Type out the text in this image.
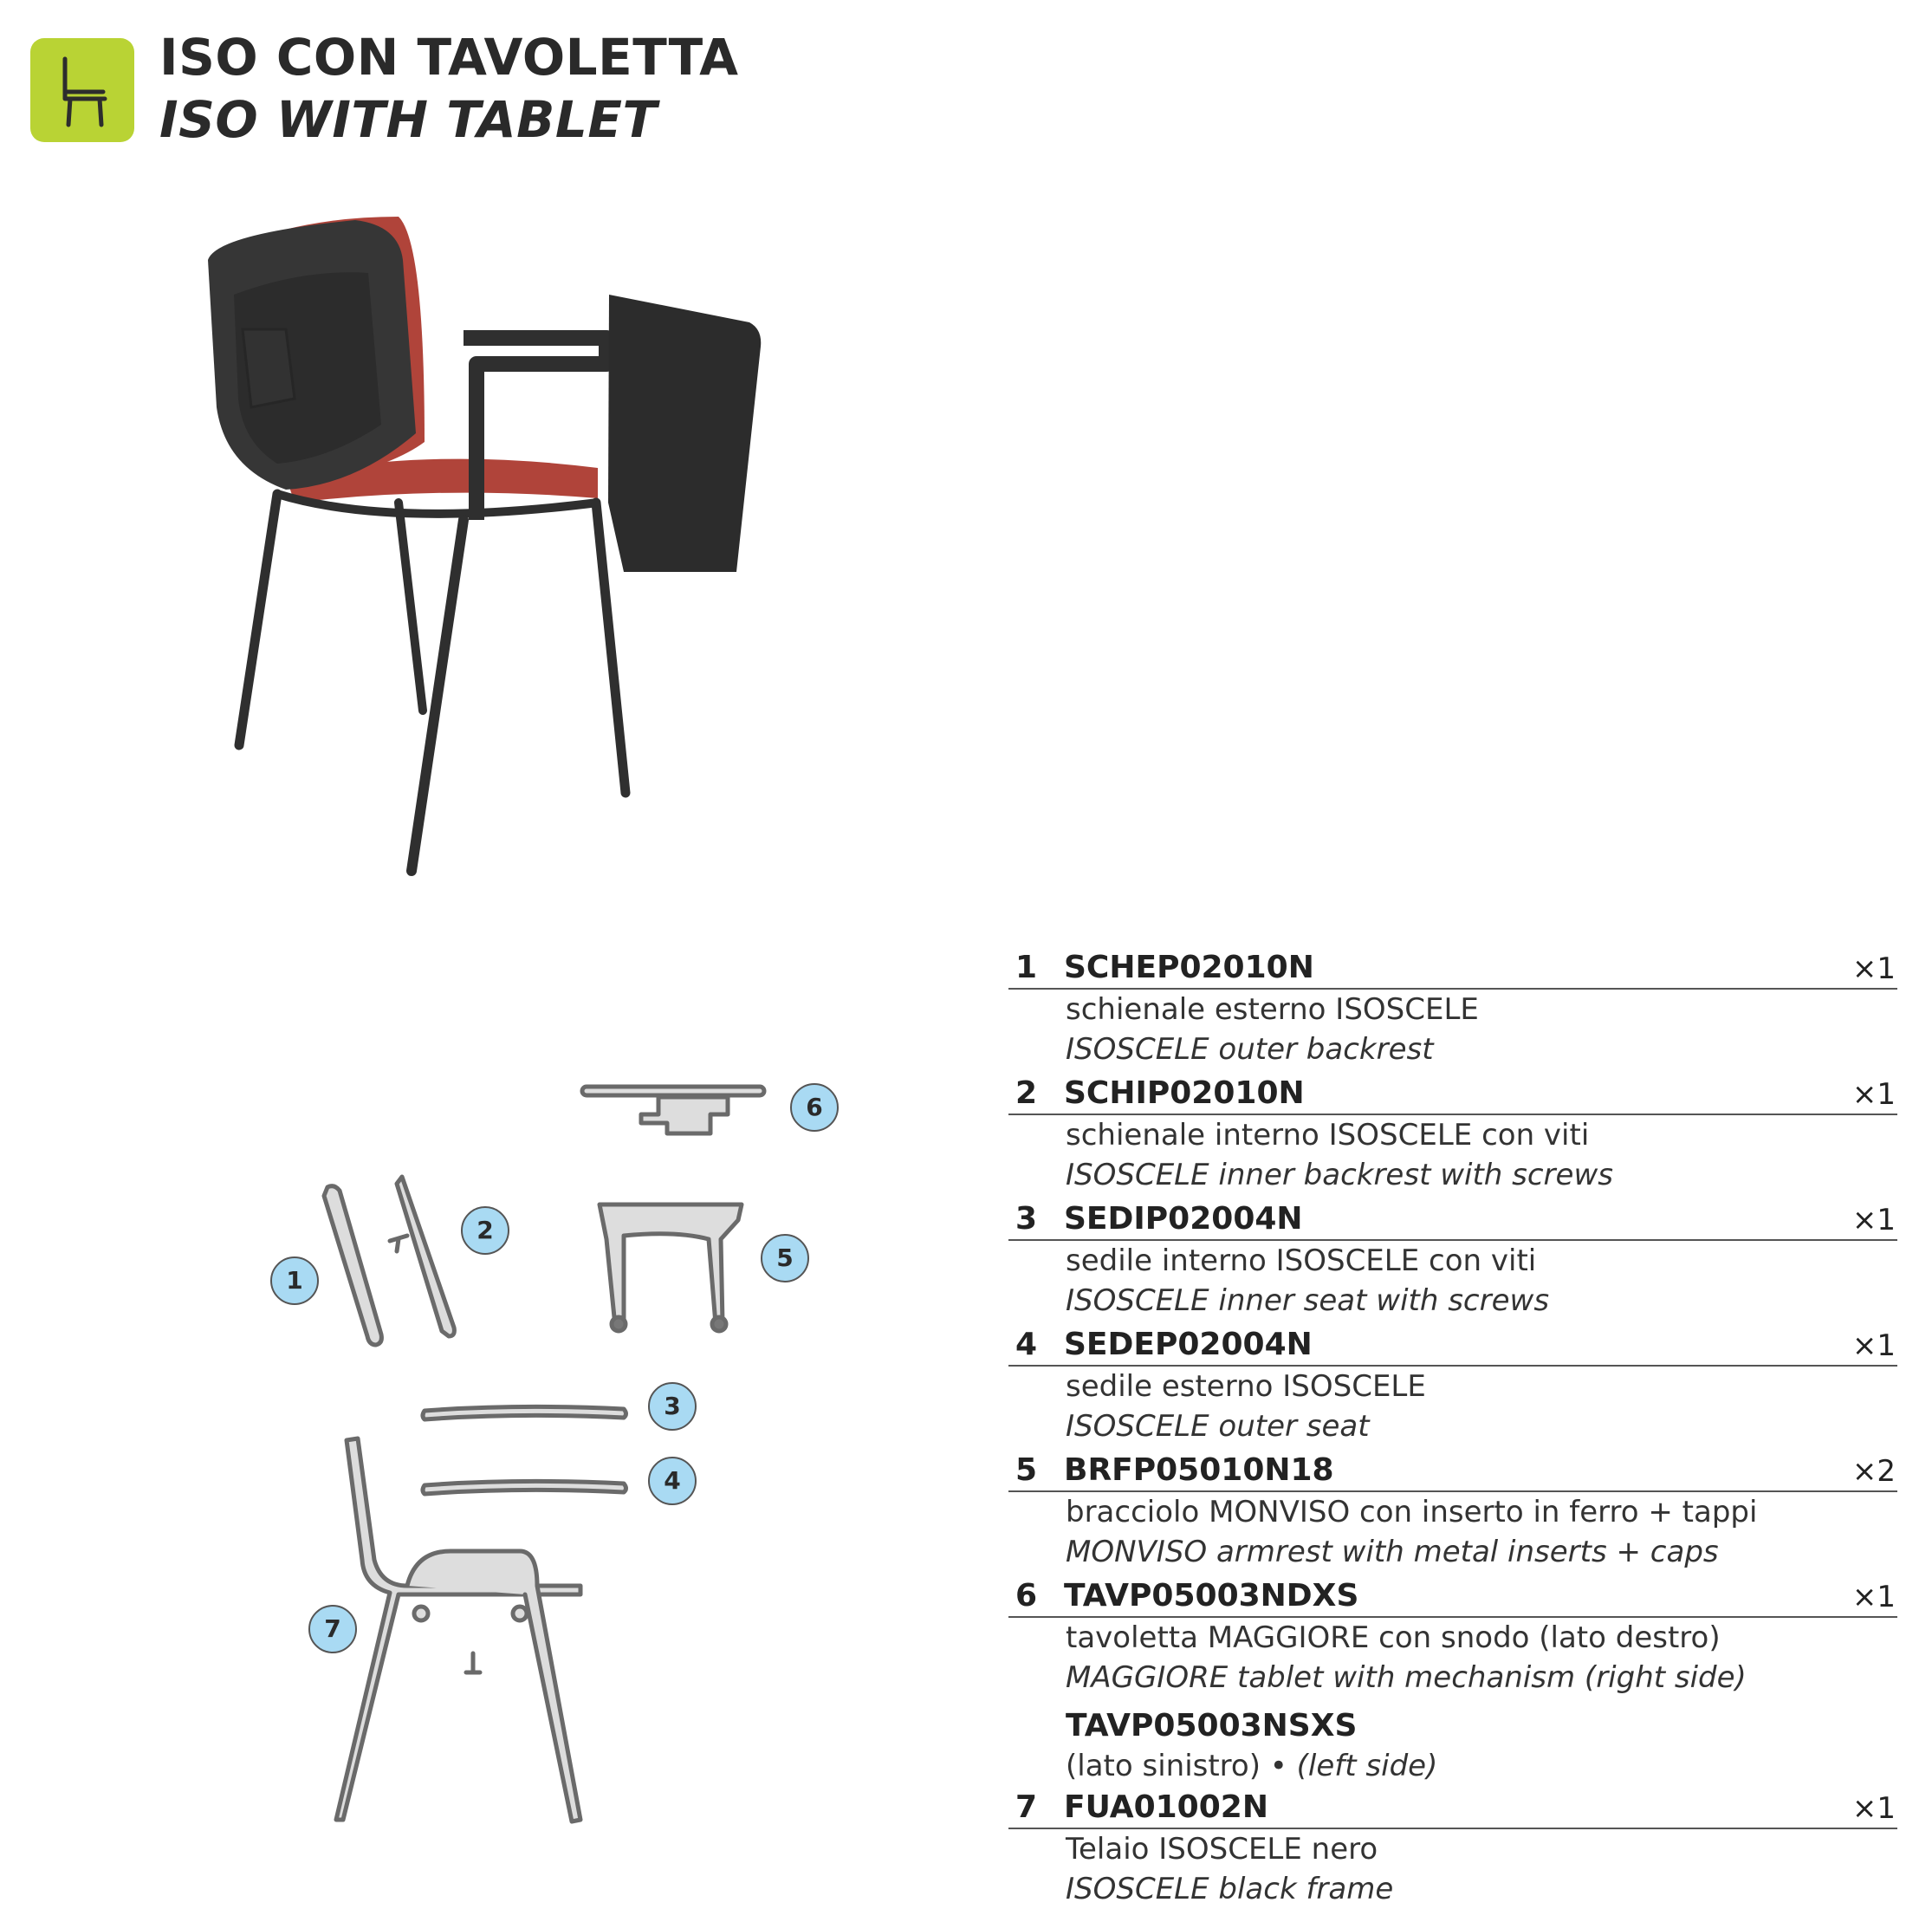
ISO CON TAVOLETTA
ISO WITH TABLET
1
2
3
4
5
6
7
1 SCHEP02010N	×1
schienale esterno ISOSCELE
ISOSCELE outer backrest
2 SCHIP02010N	×1
schienale interno ISOSCELE con viti
ISOSCELE inner backrest with screws
3 SEDIP02004N	×1
sedile interno ISOSCELE con viti
ISOSCELE inner seat with screws
4 SEDEP02004N	×1
sedile esterno ISOSCELE
ISOSCELE outer seat
5 BRFP05010N18	×2
bracciolo MONVISO con inserto in ferro + tappi
MONVISO armrest with metal inserts + caps
6 TAVP05003NDXS	×1
tavoletta MAGGIORE con snodo (lato destro)
MAGGIORE tablet with mechanism (right side)
TAVP05003NSXS
(lato sinistro) • (left side)
7 FUA01002N	×1
Telaio ISOSCELE nero
ISOSCELE black frame
